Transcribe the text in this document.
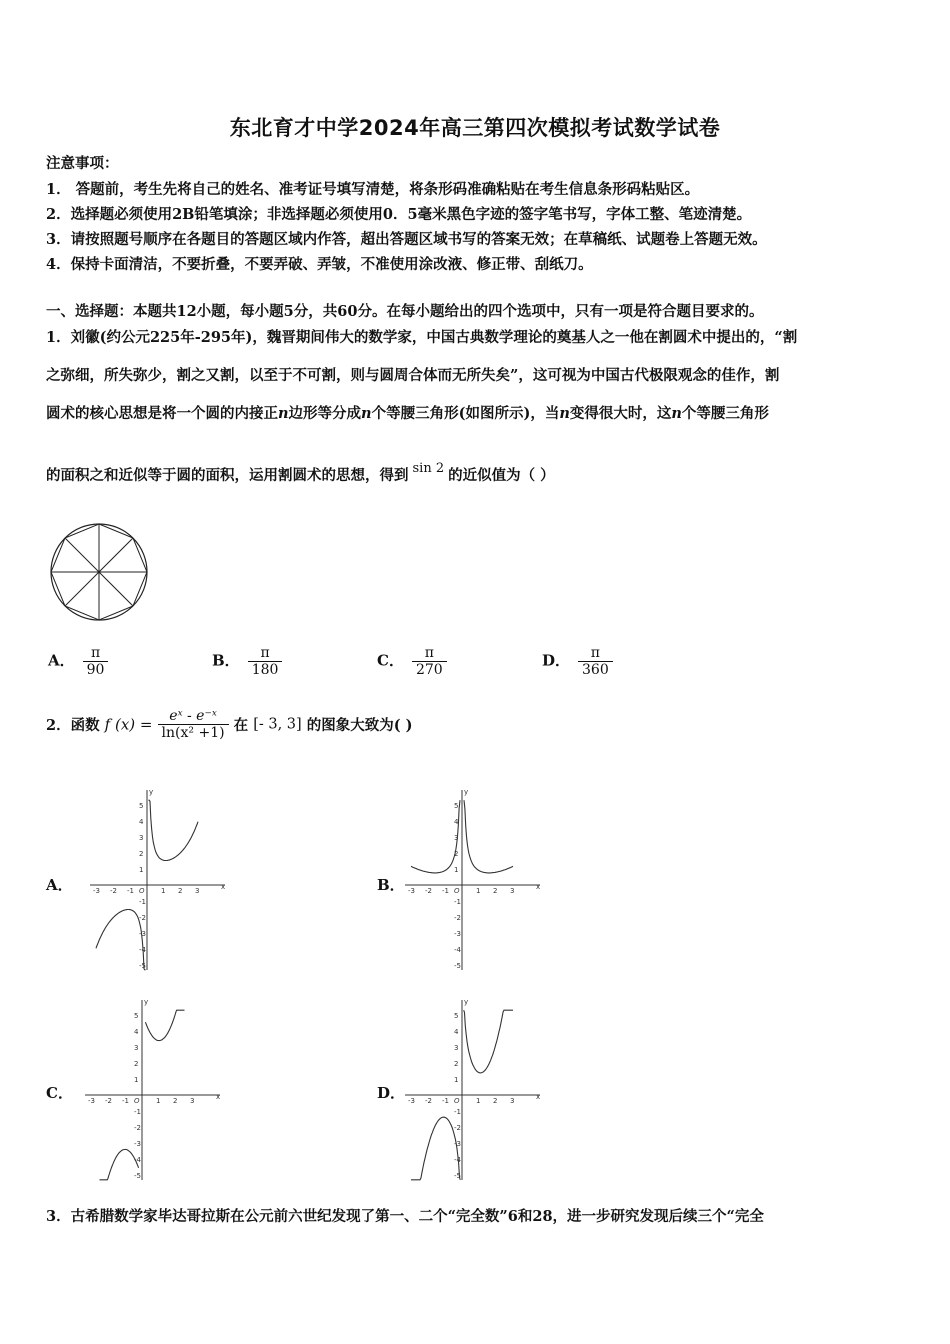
东北育才中学2024年高三第四次模拟考试数学试卷
注意事项：
1． 答题前，考生先将自己的姓名、准考证号填写清楚，将条形码准确粘贴在考生信息条形码粘贴区。
2．选择题必须使用2B铅笔填涂；非选择题必须使用0．5毫米黑色字迹的签字笔书写，字体工整、笔迹清楚。
3．请按照题号顺序在各题目的答题区域内作答，超出答题区域书写的答案无效；在草稿纸、试题卷上答题无效。
4．保持卡面清洁，不要折叠，不要弄破、弄皱，不准使用涂改液、修正带、刮纸刀。
一、选择题：本题共12小题，每小题5分，共60分。在每小题给出的四个选项中，只有一项是符合题目要求的。
1．刘徽(约公元225年-295年)，魏晋期间伟大的数学家，中国古典数学理论的奠基人之一他在割圆术中提出的，“割
之弥细，所失弥少，割之又割，以至于不可割，则与圆周合体而无所失矣”，这可视为中国古代极限观念的佳作，割
圆术的核心思想是将一个圆的内接正n边形等分成n个等腰三角形(如图所示)，当n变得很大时，这n个等腰三角形
的面积之和近似等于圆的面积，运用割圆术的思想，得到 sin 2 的近似值为（ ）
A． $\frac{\pi}{90}$	B． $\frac{\pi}{180}$	C． $\frac{\pi}{270}$	D． $\frac{\pi}{360}$
2．函数 f $(x) = \frac{\text{eˣ - e⁻ˣ}}{\text{ln(x² +1)}}$ 在 [- 3, 3] 的图象大致为( )
A．	B．
C．	D．
x
y
O
-3 -2 -1	1 2 3
5
4
3
2
1
-1
-2
-3
-4
-5
x
y
O
-3 -2 -1	1 2 3
5
4
3
2
1
-1
-2
-3
-4
-5
x
y
O
-3 -2 -1	1 2 3
5
4
3
2
1
-1
-2
-3
-4
-5
x
y
O
-3 -2 -1	1 2 3
5
4
3
2
1
-1
-2
-3
-4
-5
3．古希腊数学家毕达哥拉斯在公元前六世纪发现了第一、二个“完全数”6和28，进一步研究发现后续三个“完全
